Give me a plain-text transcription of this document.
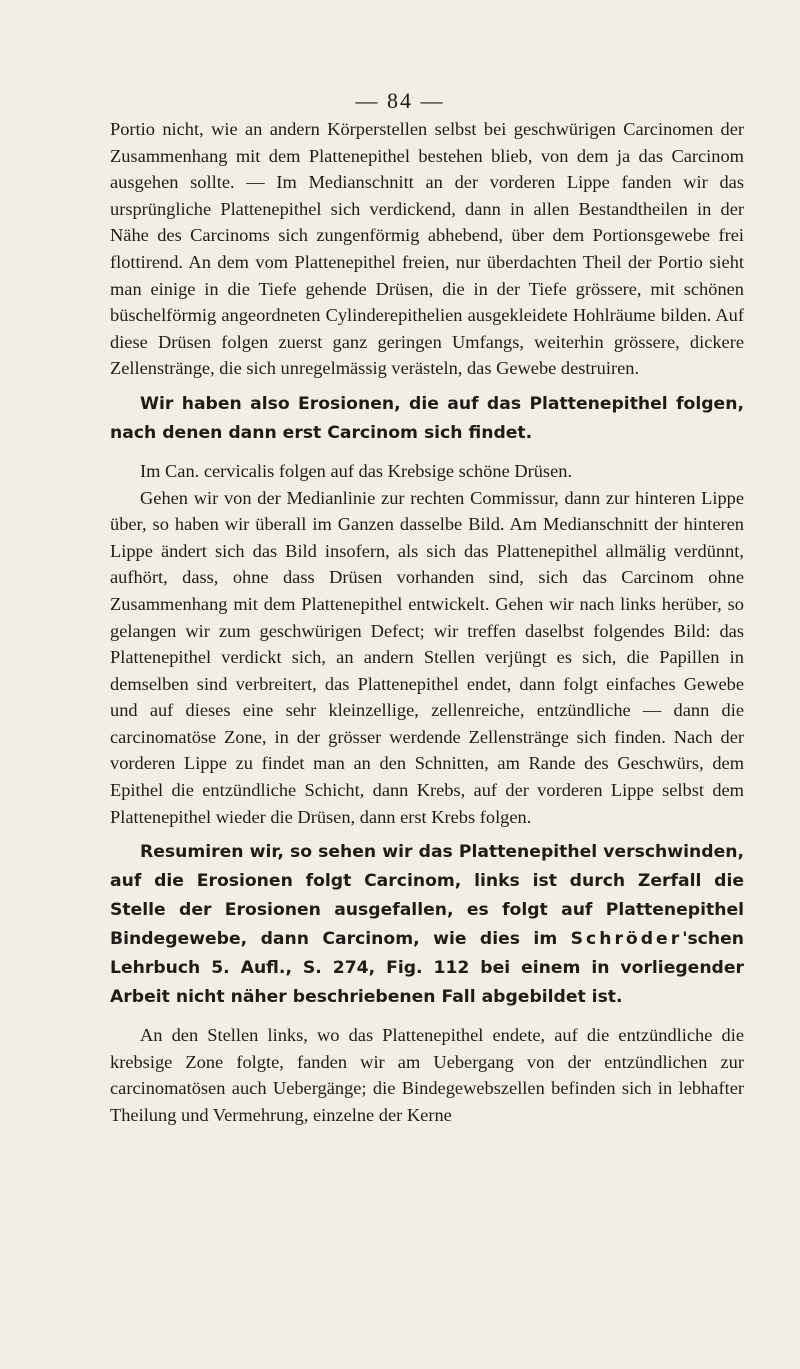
— 84 —

Portio nicht, wie an andern Körperstellen selbst bei geschwürigen Carcinomen der Zusammenhang mit dem Plattenepithel bestehen blieb, von dem ja das Carcinom ausgehen sollte. — Im Medianschnitt an der vorderen Lippe fanden wir das ursprüngliche Plattenepithel sich verdickend, dann in allen Bestandtheilen in der Nähe des Carcinoms sich zungenförmig abhebend, über dem Portionsgewebe frei flottirend. An dem vom Plattenepithel freien, nur überdachten Theil der Portio sieht man einige in die Tiefe gehende Drüsen, die in der Tiefe grössere, mit schönen büschelförmig angeordneten Cylinderepithelien ausgekleidete Hohlräume bilden. Auf diese Drüsen folgen zuerst ganz geringen Umfangs, weiterhin grössere, dickere Zellenstränge, die sich unregelmässig verästeln, das Gewebe destruiren.

Wir haben also Erosionen, die auf das Plattenepithel folgen, nach denen dann erst Carcinom sich findet.

Im Can. cervicalis folgen auf das Krebsige schöne Drüsen.

Gehen wir von der Medianlinie zur rechten Commissur, dann zur hinteren Lippe über, so haben wir überall im Ganzen dasselbe Bild. Am Medianschnitt der hinteren Lippe ändert sich das Bild insofern, als sich das Plattenepithel allmälig verdünnt, aufhört, dass, ohne dass Drüsen vorhanden sind, sich das Carcinom ohne Zusammenhang mit dem Plattenepithel entwickelt. Gehen wir nach links herüber, so gelangen wir zum geschwürigen Defect; wir treffen daselbst folgendes Bild: das Plattenepithel verdickt sich, an andern Stellen verjüngt es sich, die Papillen in demselben sind verbreitert, das Plattenepithel endet, dann folgt einfaches Gewebe und auf dieses eine sehr kleinzellige, zellenreiche, entzündliche — dann die carcinomatöse Zone, in der grösser werdende Zellenstränge sich finden. Nach der vorderen Lippe zu findet man an den Schnitten, am Rande des Geschwürs, dem Epithel die entzündliche Schicht, dann Krebs, auf der vorderen Lippe selbst dem Plattenepithel wieder die Drüsen, dann erst Krebs folgen.

Resumiren wir, so sehen wir das Plattenepithel verschwinden, auf die Erosionen folgt Carcinom, links ist durch Zerfall die Stelle der Erosionen ausgefallen, es folgt auf Plattenepithel Bindegewebe, dann Carcinom, wie dies im Schröder'schen Lehrbuch 5. Aufl., S. 274, Fig. 112 bei einem in vorliegender Arbeit nicht näher beschriebenen Fall abgebildet ist.

An den Stellen links, wo das Plattenepithel endete, auf die entzündliche die krebsige Zone folgte, fanden wir am Uebergang von der entzündlichen zur carcinomatösen auch Uebergänge; die Bindegewebszellen befinden sich in lebhafter Theilung und Vermehrung, einzelne der Kerne
